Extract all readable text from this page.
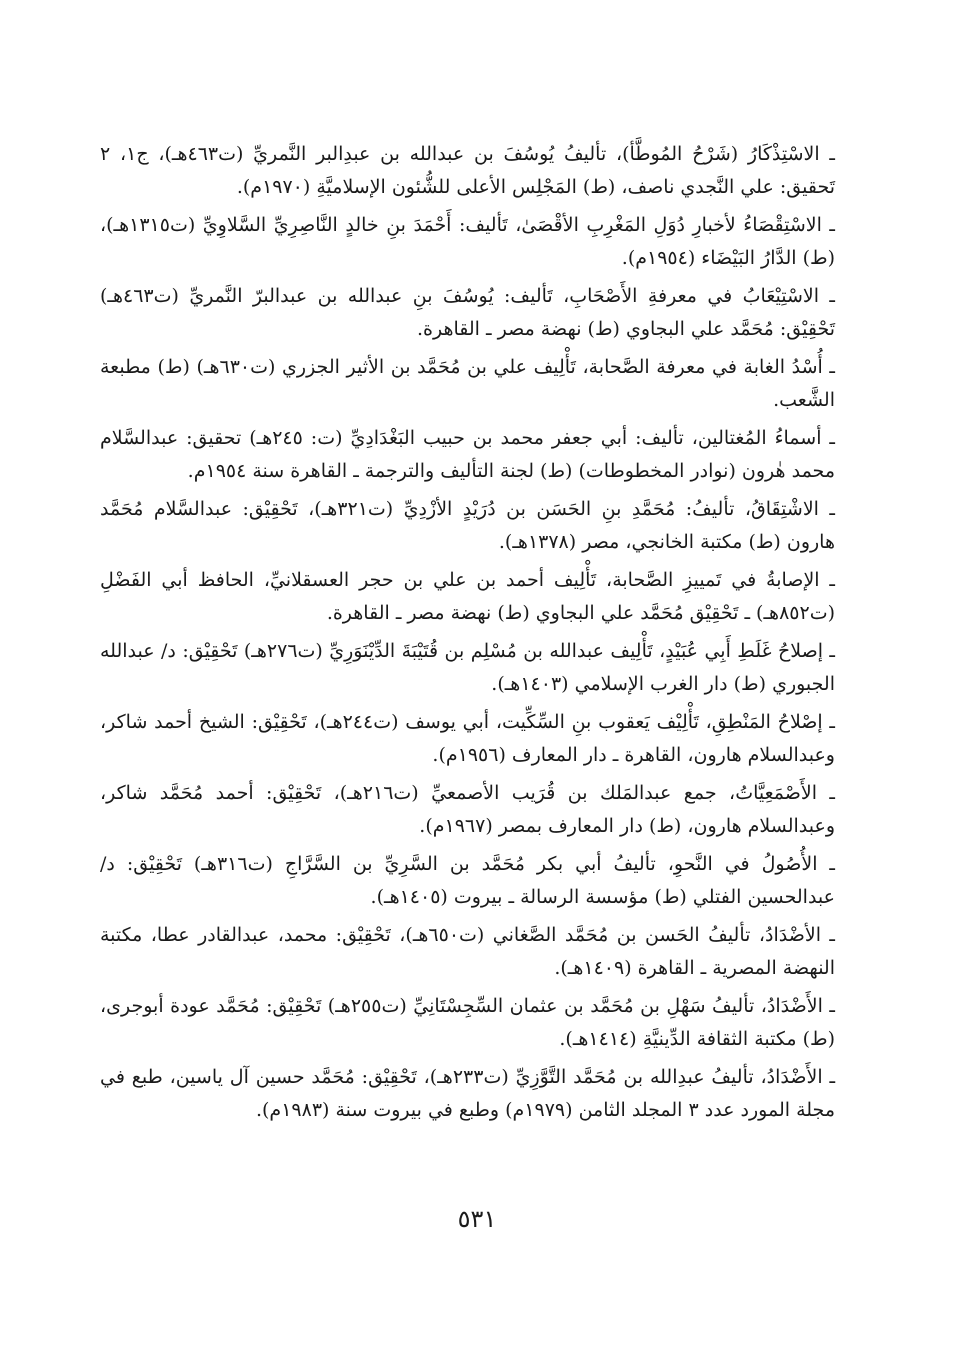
ـ الاسْتِذْكَارُ (شَرْحُ المُوطَّأ)، تأليفُ يُوسُفَ بن عبدالله بن عبدِالبر النَّمريِّ (ت٤٦٣هـ)، ج١، ٢ تَحقيق: علي النَّجدي ناصف، (ط) المَجْلِس الأعلى للشُّئون الإسلاميَّةِ (١٩٧٠م).

ـ الاسْتِقْصَاءُ لأخبارِ دُوَلِ المَغْرِبِ الأقْصَىٰ، تَأليف: أَحْمَدَ بنِ خالدٍ النَّاصِرِيِّ السَّلاوِيِّ (ت١٣١٥هـ)، (ط) الدَّارُ البَيْضَاء (١٩٥٤م).

ـ الاسْتِيْعَابُ في معرفةِ الأَصْحَابِ، تَأليف: يُوسُفَ بنِ عبدالله بن عبدالبرّ النَّمريِّ (ت٤٦٣هـ) تَحْقِيْق: مُحَمَّد علي البجاوي (ط) نهضة مصر ـ القاهرة.

ـ أُسْدُ الغابة في معرفة الصَّحابة، تَأْلِيف علي بن مُحَمَّد بن الأثير الجزري (ت٦٣٠هـ) (ط) مطبعة الشَّعب.

ـ أسماءُ المُغتالين، تأليف: أبي جعفر محمد بن حبيب البَغْدَادِيِّ (ت: ٢٤٥هـ) تحقيق: عبدالسَّلام محمد هٰرون (نوادر المخطوطات) (ط) لجنة التأليف والترجمة ـ القاهرة سنة ١٩٥٤م.

ـ الاشْتِقَاقُ، تأليفُ: مُحَمَّدِ بنِ الحَسَن بن دُرَيْدٍ الأزْدِيِّ (ت٣٢١هـ)، تَحْقِيْق: عبدالسَّلام مُحَمَّد هارون (ط) مكتبة الخانجي، مصر (١٣٧٨هـ).

ـ الإصابةُ في تَمييزِ الصَّحابة، تَأْلِيف أحمد بن علي بن حجر العسقلانيِّ، الحافظ أبي الفَضْلِ (ت٨٥٢هـ) ـ تَحْقِيْق مُحَمَّد علي البجاوي (ط) نهضة مصر ـ القاهرة.

ـ إصلاحُ غَلَطِ أَبِي عُبَيْدٍ، تَأْلِيف عبدالله بن مُسْلِم بن قُتَيْبَةَ الدِّيْنَوَرِيِّ (ت٢٧٦هـ) تَحْقِيْق: د/ عبدالله الجبوري (ط) دار الغرب الإسلامي (١٤٠٣هـ).

ـ إصْلاحُ المَنْطِقِ، تَأْلِيْف يَعقوب بنِ السِّكِّيت، أبي يوسف (ت٢٤٤هـ)، تَحْقِيْق: الشيخ أحمد شاكر، وعبدالسلام هارون، القاهرة ـ دار المعارف (١٩٥٦م).

ـ الأَصْمَعِيَّاتُ، جمع عبدالمَلك بن قُرَيب الأصمعيِّ (ت٢١٦هـ)، تَحْقِيْق: أحمد مُحَمَّد شاكر، وعبدالسلام هارون، (ط) دار المعارف بمصر (١٩٦٧م).

ـ الأُصُولُ في النَّحوِ، تأليفُ أبي بكر مُحَمَّد بن السَّرِيِّ بن السَّرَّاجِ (ت٣١٦هـ) تَحْقِيْق: د/ عبدالحسين الفتلي (ط) مؤسسة الرسالة ـ بيروت (١٤٠٥هـ).

ـ الأضْدَادُ، تأليفُ الحَسن بن مُحَمَّد الصَّغاني (ت٦٥٠هـ)، تَحْقِيْق: محمد، عبدالقادر عطا، مكتبة النهضة المصرية ـ القاهرة (١٤٠٩هـ).

ـ الأَضْدَادُ، تأليفُ سَهْلِ بن مُحَمَّد بن عثمان السِّجِسْتَانِيِّ (ت٢٥٥هـ) تَحْقِيْق: مُحَمَّد عودة أبوجرى، (ط) مكتبة الثقافة الدِّينيَّةِ (١٤١٤هـ).

ـ الأَضْدَادُ، تأليفُ عبدِالله بن مُحَمَّد التَّوَّزِيِّ (ت٢٣٣هـ)، تَحْقِيْق: مُحَمَّد حسين آل ياسين، طبع في مجلة المورد عدد ٣ المجلد الثامن (١٩٧٩م) وطبع في بيروت سنة (١٩٨٣م).

٥٣١
